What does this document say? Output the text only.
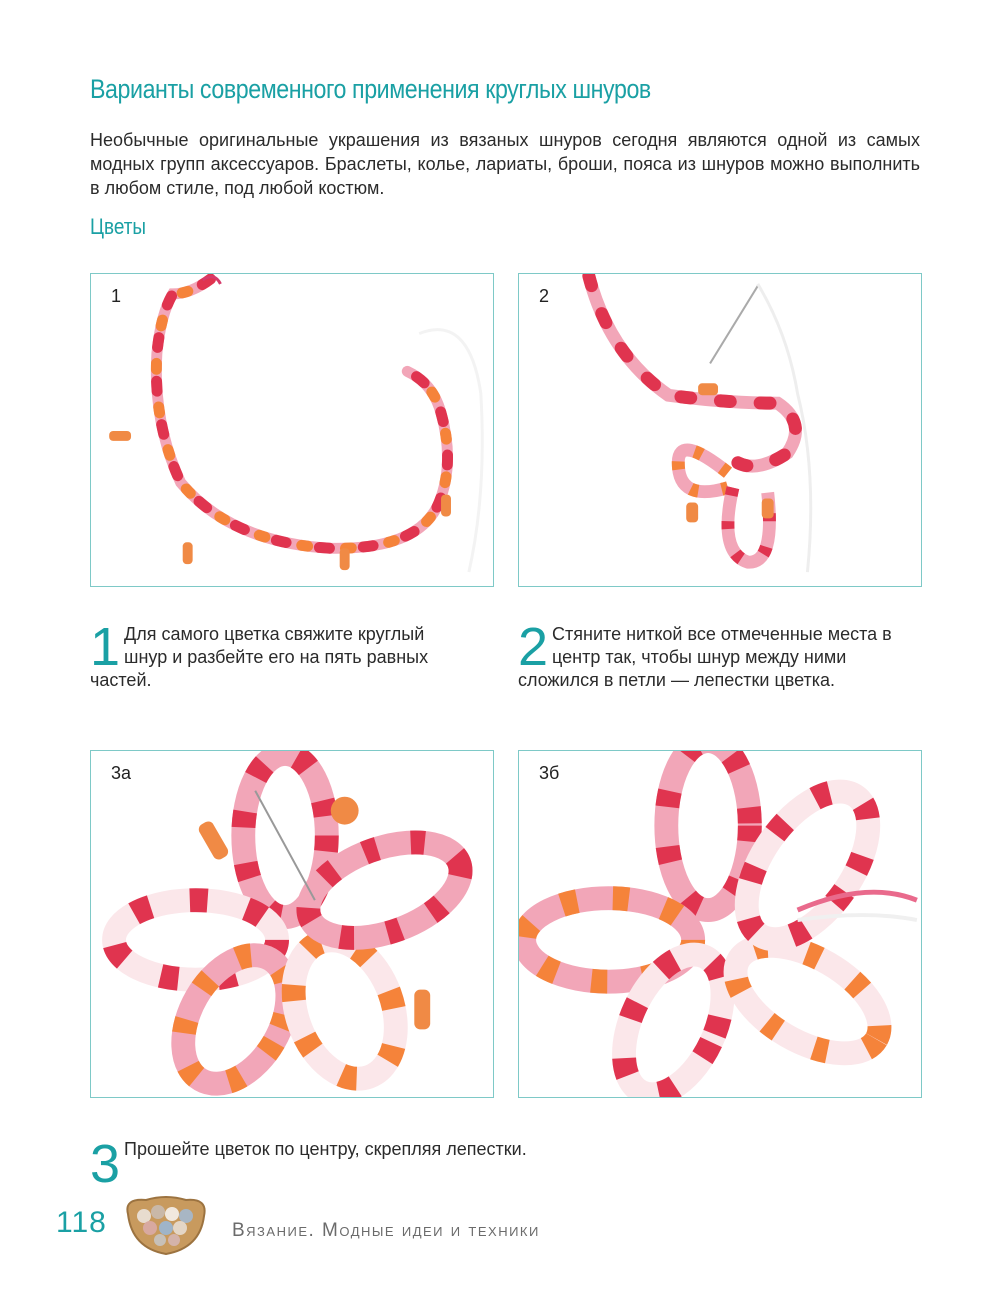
Варианты современного применения круглых шнуров
Необычные оригинальные украшения из вязаных шнуров сегодня являются одной из самых модных групп аксессуаров. Браслеты, колье, лариаты, броши, пояса из шнуров можно выполнить в любом стиле, под любой костюм.
Цветы
1	2
3а	3б
1 Для самого цветка свяжите круглый шнур и разбейте его на пять равных частей.
2 Стяните ниткой все отмеченные места в центр так, чтобы шнур между ними сложился в петли — лепестки цветка.
3 Прошейте цветок по центру, скрепляя лепестки.
118	Вязание. Модные идеи и техники
